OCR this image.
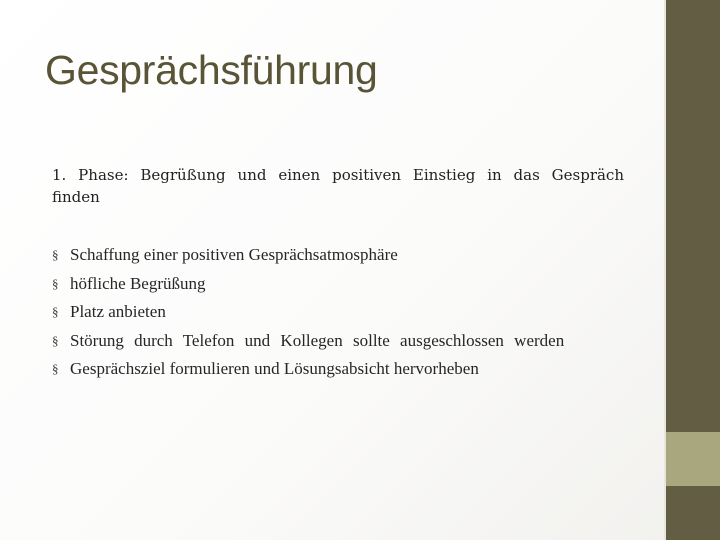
Gesprächsführung

1. Phase: Begrüßung und einen positiven Einstieg in das Gespräch finden

§ Schaffung einer positiven Gesprächsatmosphäre
§ höfliche Begrüßung
§ Platz anbieten
§ Störung durch Telefon und Kollegen sollte ausgeschlossen werden
§ Gesprächsziel formulieren und Lösungsabsicht hervorheben
